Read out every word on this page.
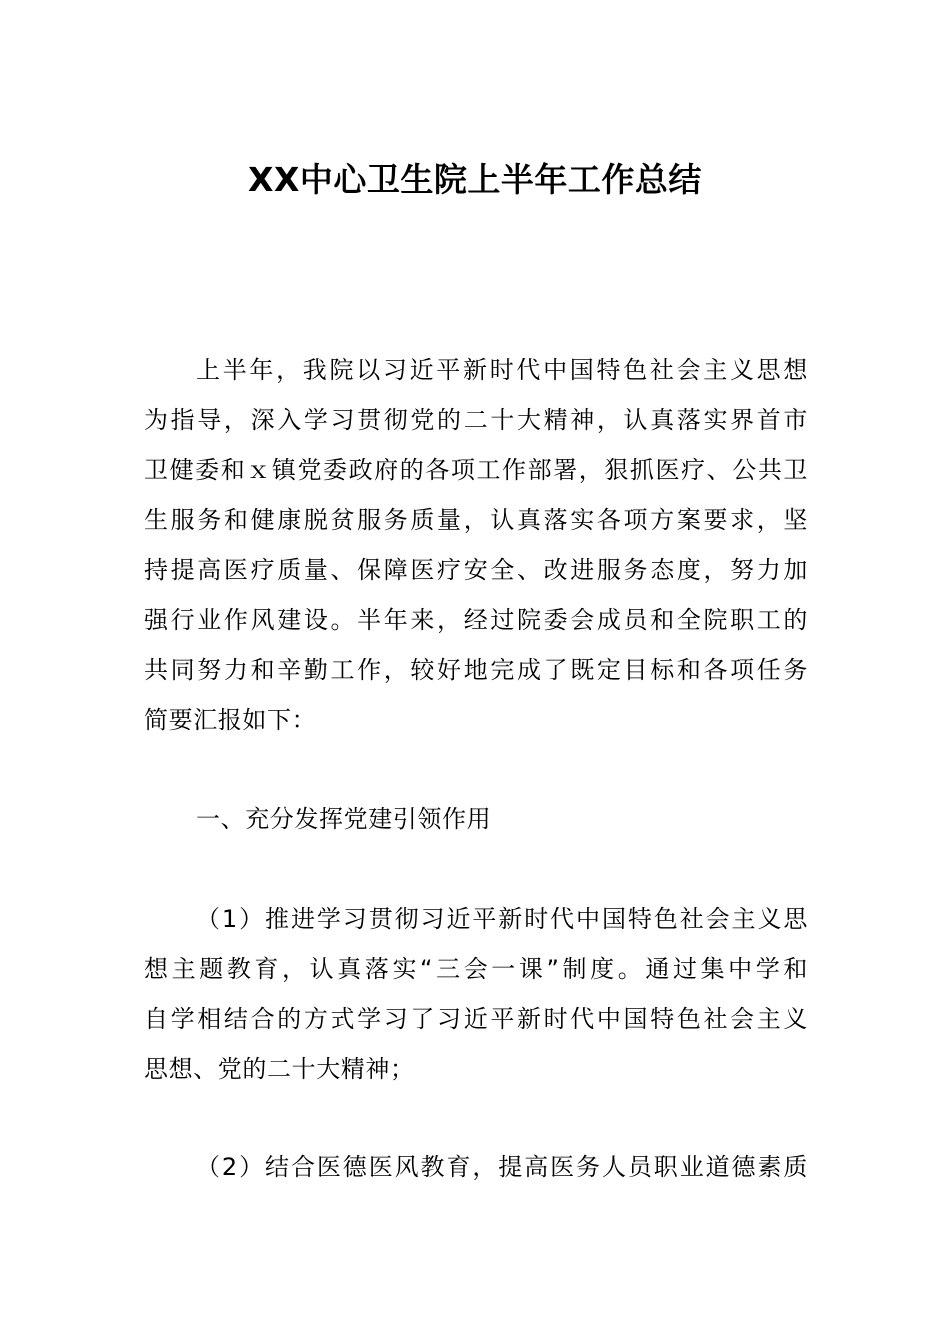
XX中心卫生院上半年工作总结
上半年，我院以习近平新时代中国特色社会主义思想
为指导，深入学习贯彻党的二十大精神，认真落实界首市
卫健委和ｘ镇党委政府的各项工作部署，狠抓医疗、公共卫
生服务和健康脱贫服务质量，认真落实各项方案要求，坚
持提高医疗质量、保障医疗安全、改进服务态度，努力加
强行业作风建设。半年来，经过院委会成员和全院职工的
共同努力和辛勤工作，较好地完成了既定目标和各项任务
简要汇报如下：
一、充分发挥党建引领作用
（1）推进学习贯彻习近平新时代中国特色社会主义思
想主题教育，认真落实“三会一课”制度。通过集中学和
自学相结合的方式学习了习近平新时代中国特色社会主义
思想、党的二十大精神；
（2）结合医德医风教育，提高医务人员职业道德素质
